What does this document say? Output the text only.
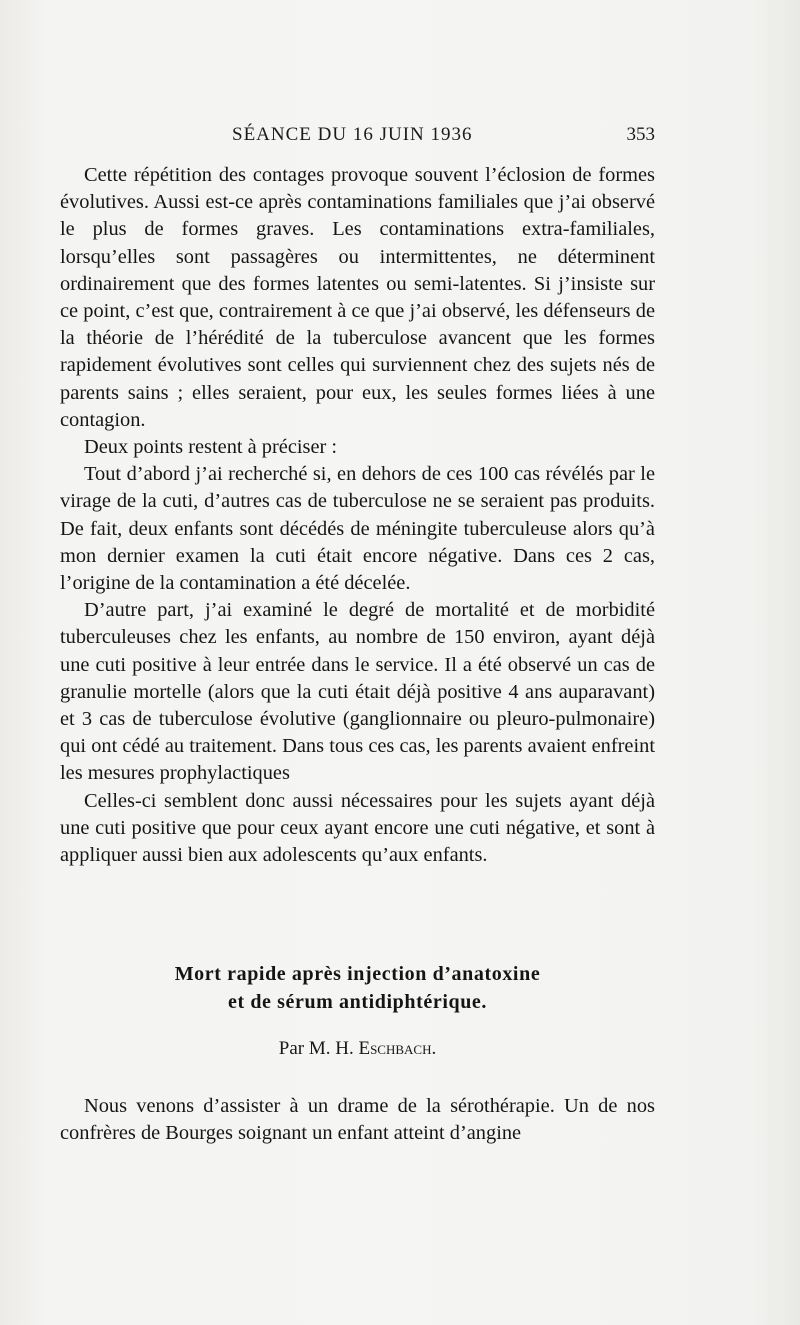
SÉANCE DU 16 JUIN 1936	353

Cette répétition des contages provoque souvent l’éclosion de formes évolutives. Aussi est-ce après contaminations familiales que j’ai observé le plus de formes graves. Les contaminations extra-familiales, lorsqu’elles sont passagères ou intermittentes, ne déterminent ordinairement que des formes latentes ou semi-latentes. Si j’insiste sur ce point, c’est que, contrairement à ce que j’ai observé, les défenseurs de la théorie de l’hérédité de la tuberculose avancent que les formes rapidement évolutives sont celles qui surviennent chez des sujets nés de parents sains ; elles seraient, pour eux, les seules formes liées à une contagion.

Deux points restent à préciser :

Tout d’abord j’ai recherché si, en dehors de ces 100 cas révélés par le virage de la cuti, d’autres cas de tuberculose ne se seraient pas produits. De fait, deux enfants sont décédés de méningite tuberculeuse alors qu’à mon dernier examen la cuti était encore négative. Dans ces 2 cas, l’origine de la contamination a été décelée.

D’autre part, j’ai examiné le degré de mortalité et de morbidité tuberculeuses chez les enfants, au nombre de 150 environ, ayant déjà une cuti positive à leur entrée dans le service. Il a été observé un cas de granulie mortelle (alors que la cuti était déjà positive 4 ans auparavant) et 3 cas de tuberculose évolutive (ganglionnaire ou pleuro-pulmonaire) qui ont cédé au traitement. Dans tous ces cas, les parents avaient enfreint les mesures prophylactiques

Celles-ci semblent donc aussi nécessaires pour les sujets ayant déjà une cuti positive que pour ceux ayant encore une cuti négative, et sont à appliquer aussi bien aux adolescents qu’aux enfants.

Mort rapide après injection d’anatoxine
et de sérum antidiphtérique.
Par M. H. Eschbach.

Nous venons d’assister à un drame de la sérothérapie. Un de nos confrères de Bourges soignant un enfant atteint d’angine
